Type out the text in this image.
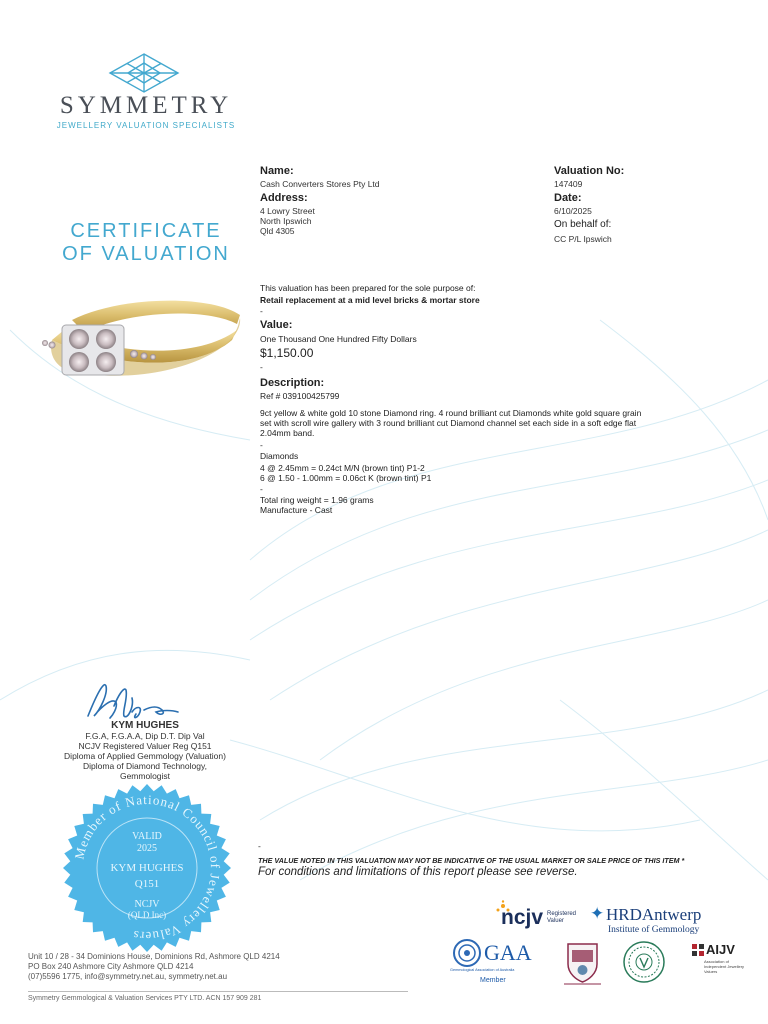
SYMMETRY
JEWELLERY VALUATION SPECIALISTS
CERTIFICATE
OF VALUATION
Name:
Cash Converters Stores Pty Ltd
Address:
4 Lowry Street
North Ipswich
Qld 4305
Valuation No:
147409
Date:
6/10/2025
On behalf of:
CC P/L Ipswich
This valuation has been prepared for the sole purpose of:
Retail replacement at a mid level bricks & mortar store
-
Value:
One Thousand One Hundred Fifty Dollars
$1,150.00
-
Description:
Ref # 039100425799
9ct yellow & white gold 10 stone Diamond ring. 4 round brilliant cut Diamonds white gold square grain
set with scroll wire gallery with 3 round brilliant cut Diamond channel set each side in a soft edge flat
2.04mm band.
-
Diamonds
4 @ 2.45mm = 0.24ct M/N (brown tint) P1-2
6 @ 1.50 - 1.00mm = 0.06ct K (brown tint) P1
-
Total ring weight = 1.96 grams
Manufacture - Cast
KYM HUGHES
F.G.A, F.G.A.A, Dip D.T. Dip Val
NCJV Registered Valuer Reg Q151
Diploma of Applied Gemmology (Valuation)
Diploma of Diamond Technology,
Gemmologist
Member of National Council of Jewellery Valuers
VALID
2025
KYM HUGHES
Q151
NCJV
(QLD Inc)
-
THE VALUE NOTED IN THIS VALUATION MAY NOT BE INDICATIVE OF THE USUAL MARKET OR SALE PRICE OF THIS ITEM *
For conditions and limitations of this report please see reverse.
ncjv Registered
Valuer ✦ HRDAntwerp
Institute of Gemmology
GAA
Gemmological Association of Australia
Member
AIJV
Association of Independent Jewellery Valuers
Unit 10 / 28 - 34 Dominions House, Dominions Rd, Ashmore QLD 4214
PO Box 240 Ashmore City Ashmore QLD 4214
(07)5596 1775, info@symmetry.net.au, symmetry.net.au
Symmetry Gemmological & Valuation Services PTY LTD. ACN 157 909 281
